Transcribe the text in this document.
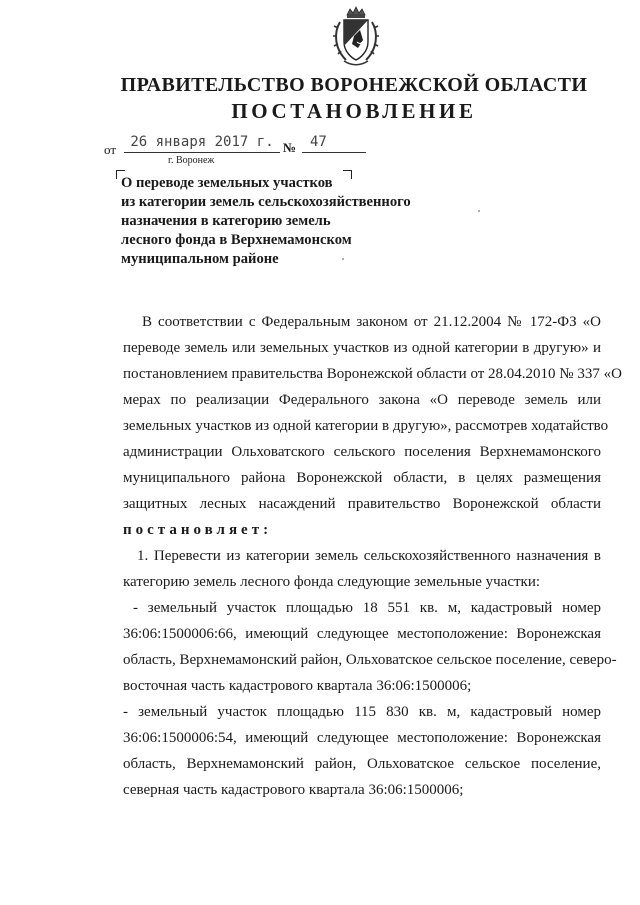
ПРАВИТЕЛЬСТВО ВОРОНЕЖСКОЙ ОБЛАСТИ
ПОСТАНОВЛЕНИЕ
от	26 января 2017 г. № 47
г. Воронеж
О переводе земельных участков
из категории земель сельскохозяйственного
назначения в категорию земель
лесного фонда в Верхнемамонском
муниципальном районе
В соответствии с Федеральным законом от 21.12.2004 № 172-ФЗ «О
переводе земель или земельных участков из одной категории в другую» и
постановлением правительства Воронежской области от 28.04.2010 № 337 «О
мерах по реализации Федерального закона «О переводе земель или
земельных участков из одной категории в другую», рассмотрев ходатайство
администрации Ольховатского сельского поселения Верхнемамонского
муниципального района Воронежской области, в целях размещения
защитных лесных насаждений правительство Воронежской области
постановляет:
1. Перевести из категории земель сельскохозяйственного назначения в
категорию земель лесного фонда следующие земельные участки:
- земельный участок площадью 18 551 кв. м, кадастровый номер
36:06:1500006:66, имеющий следующее местоположение: Воронежская
область, Верхнемамонский район, Ольховатское сельское поселение, северо-
восточная часть кадастрового квартала 36:06:1500006;
- земельный участок площадью 115 830 кв. м, кадастровый номер
36:06:1500006:54, имеющий следующее местоположение: Воронежская
область, Верхнемамонский район, Ольховатское сельское поселение,
северная часть кадастрового квартала 36:06:1500006;
